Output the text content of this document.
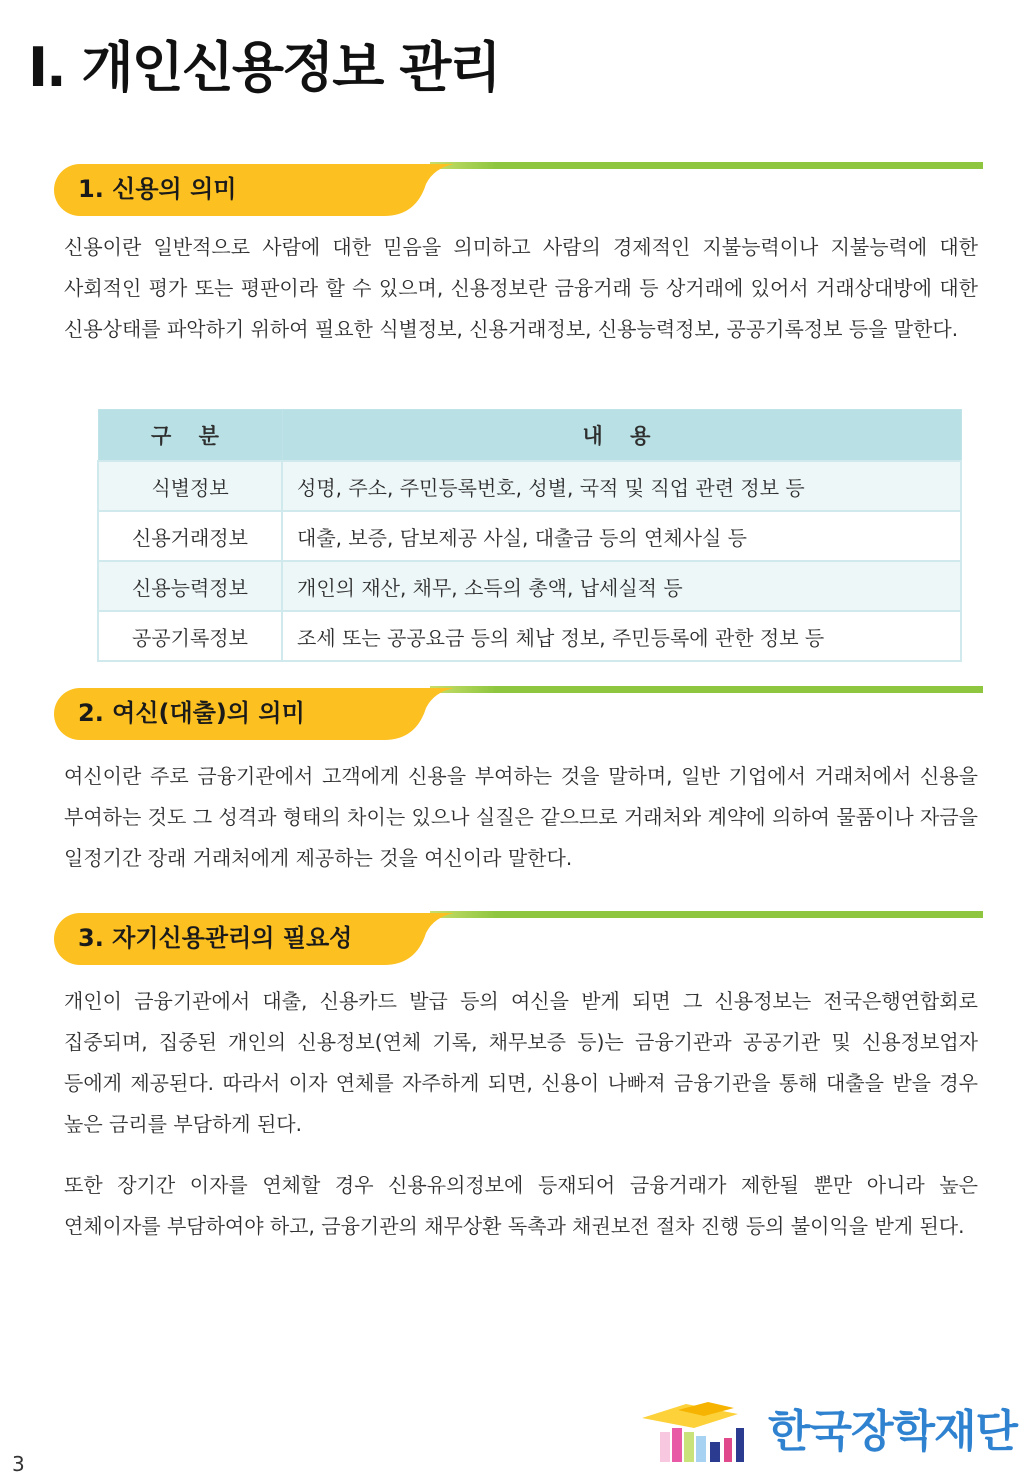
I. 개인신용정보 관리
1. 신용의 의미

신용이란 일반적으로 사람에 대한 믿음을 의미하고 사람의 경제적인 지불능력이나 지불능력에 대한 사회적인 평가 또는 평판이라 할 수 있으며, 신용정보란 금융거래 등 상거래에 있어서 거래상대방에 대한 신용상태를 파악하기 위하여 필요한 식별정보, 신용거래정보, 신용능력정보, 공공기록정보 등을 말한다.

구 분	내 용
식별정보	성명, 주소, 주민등록번호, 성별, 국적 및 직업 관련 정보 등
신용거래정보	대출, 보증, 담보제공 사실, 대출금 등의 연체사실 등
신용능력정보	개인의 재산, 채무, 소득의 총액, 납세실적 등
공공기록정보	조세 또는 공공요금 등의 체납 정보, 주민등록에 관한 정보 등
2. 여신(대출)의 의미

여신이란 주로 금융기관에서 고객에게 신용을 부여하는 것을 말하며, 일반 기업에서 거래처에서 신용을 부여하는 것도 그 성격과 형태의 차이는 있으나 실질은 같으므로 거래처와 계약에 의하여 물품이나 자금을 일정기간 장래 거래처에게 제공하는 것을 여신이라 말한다.

3. 자기신용관리의 필요성

개인이 금융기관에서 대출, 신용카드 발급 등의 여신을 받게 되면 그 신용정보는 전국은행연합회로 집중되며, 집중된 개인의 신용정보(연체 기록, 채무보증 등)는 금융기관과 공공기관 및 신용정보업자 등에게 제공된다. 따라서 이자 연체를 자주하게 되면, 신용이 나빠져 금융기관을 통해 대출을 받을 경우 높은 금리를 부담하게 된다.

또한 장기간 이자를 연체할 경우 신용유의정보에 등재되어 금융거래가 제한될 뿐만 아니라 높은 연체이자를 부담하여야 하고, 금융기관의 채무상환 독촉과 채권보전 절차 진행 등의 불이익을 받게 된다.

3

한국장학재단
